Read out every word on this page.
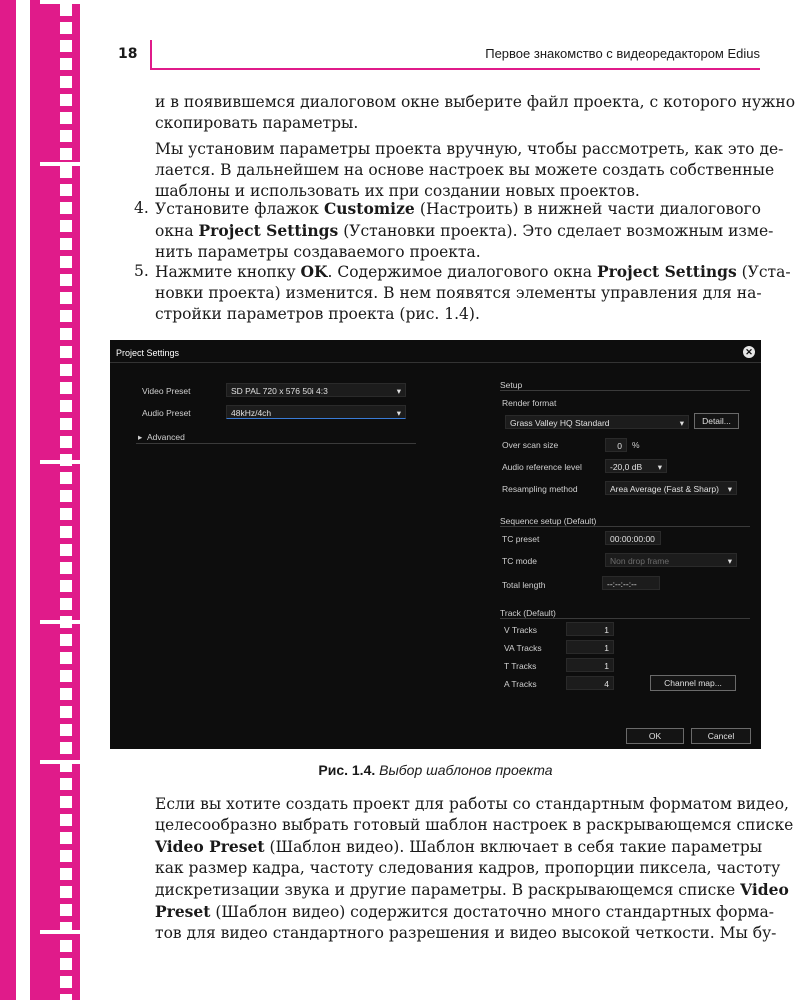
18	Первое знакомство с видеоредактором Edius
и в появившемся диалоговом окне выберите файл проекта, с которого нужно
скопировать параметры.
Мы установим параметры проекта вручную, чтобы рассмотреть, как это де-
лается. В дальнейшем на основе настроек вы можете создать собственные
шаблоны и использовать их при создании новых проектов.
4. Установите флажок Customize (Настроить) в нижней части диалогового
окна Project Settings (Установки проекта). Это сделает возможным изме-
нить параметры создаваемого проекта.
5. Нажмите кнопку OK. Содержимое диалогового окна Project Settings (Уста-
новки проекта) изменится. В нем появятся элементы управления для на-
стройки параметров проекта (рис. 1.4).
Project Settings	✕
Video Preset	SD PAL 720 x 576 50i 4:3 ▾
Audio Preset	48kHz/4ch ▾
▸ Advanced
Setup
Render format
Grass Valley HQ Standard ▾	Detail...
Over scan size	0	%
Audio reference level	-20,0 dB ▾
Resampling method	Area Average (Fast & Sharp) ▾
Sequence setup (Default)
TC preset	00:00:00:00
TC mode	Non drop frame ▾
Total length	--:--:--:--
Track (Default)
V Tracks	1
VA Tracks	1
T Tracks	1
A Tracks	4	Channel map...
OK	Cancel
Рис. 1.4. Выбор шаблонов проекта
Если вы хотите создать проект для работы со стандартным форматом видео,
целесообразно выбрать готовый шаблон настроек в раскрывающемся списке
Video Preset (Шаблон видео). Шаблон включает в себя такие параметры
как размер кадра, частоту следования кадров, пропорции пиксела, частоту
дискретизации звука и другие параметры. В раскрывающемся списке Video
Preset (Шаблон видео) содержится достаточно много стандартных форма-
тов для видео стандартного разрешения и видео высокой четкости. Мы бу-
